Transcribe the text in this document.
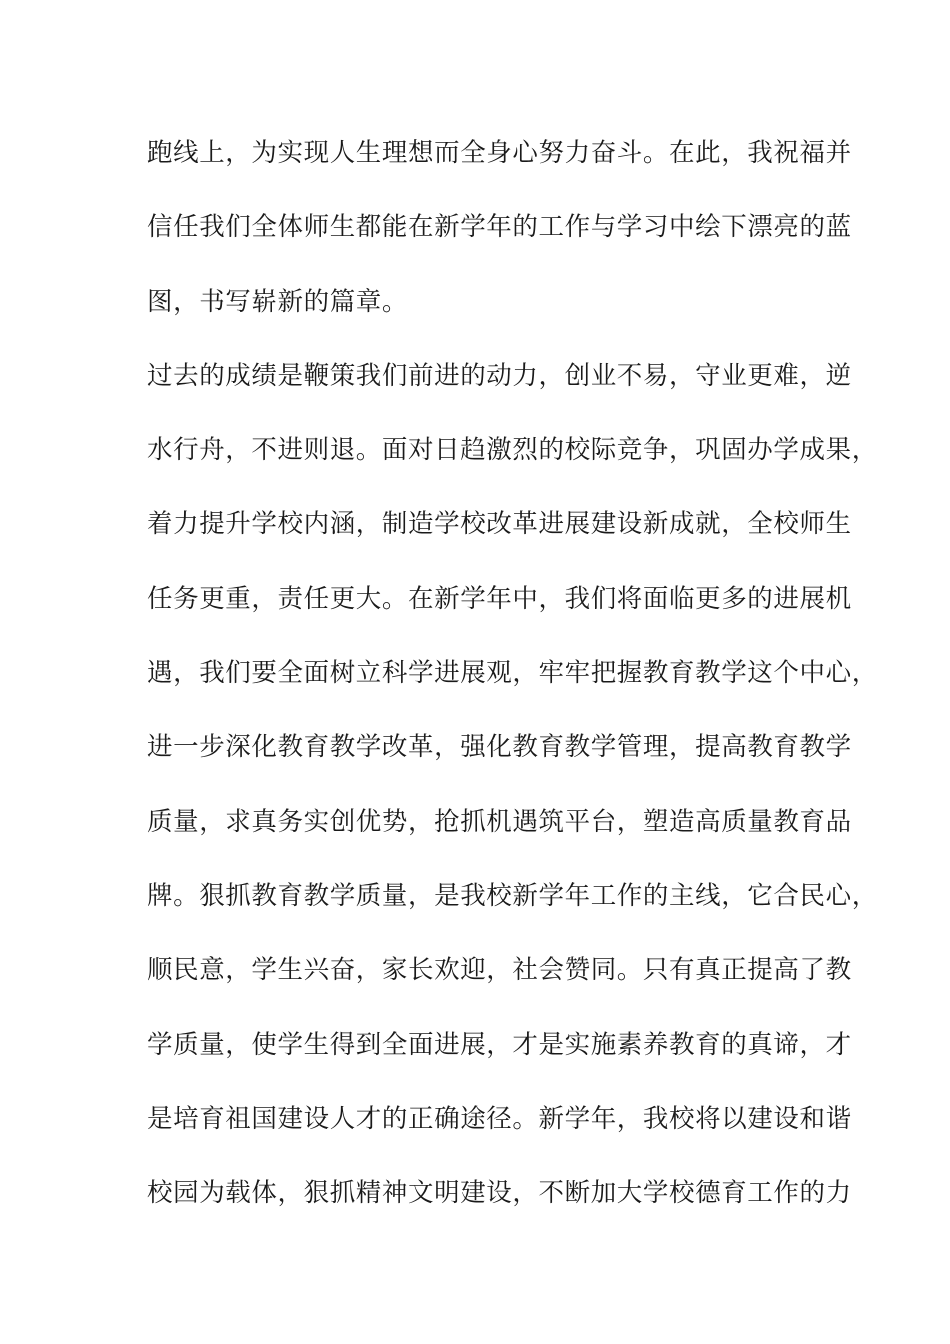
跑线上，为实现人生理想而全身心努力奋斗。在此，我祝福并
信任我们全体师生都能在新学年的工作与学习中绘下漂亮的蓝
图，书写崭新的篇章。
过去的成绩是鞭策我们前进的动力，创业不易，守业更难，逆
水行舟，不进则退。面对日趋激烈的校际竞争，巩固办学成果，
着力提升学校内涵，制造学校改革进展建设新成就，全校师生
任务更重，责任更大。在新学年中，我们将面临更多的进展机
遇，我们要全面树立科学进展观，牢牢把握教育教学这个中心，
进一步深化教育教学改革，强化教育教学管理，提高教育教学
质量，求真务实创优势，抢抓机遇筑平台，塑造高质量教育品
牌。狠抓教育教学质量，是我校新学年工作的主线，它合民心，
顺民意，学生兴奋，家长欢迎，社会赞同。只有真正提高了教
学质量，使学生得到全面进展，才是实施素养教育的真谛，才
是培育祖国建设人才的正确途径。新学年，我校将以建设和谐
校园为载体，狠抓精神文明建设，不断加大学校德育工作的力
